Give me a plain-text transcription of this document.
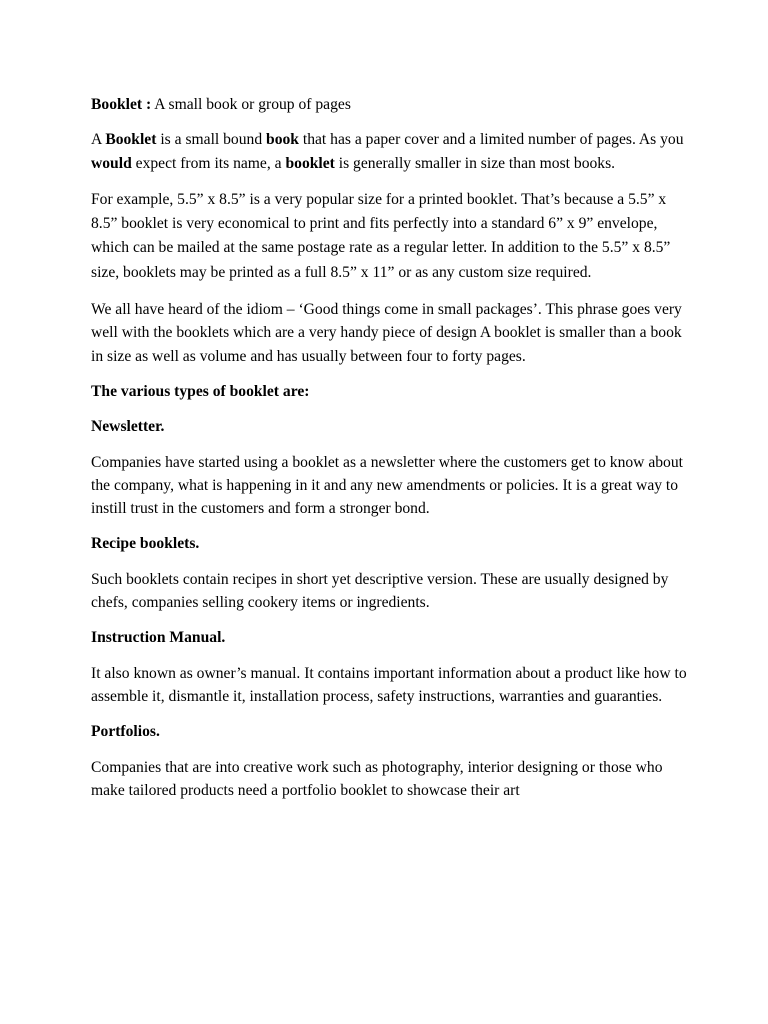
Booklet : A small book or group of pages

A Booklet is a small bound book that has a paper cover and a limited number of pages. As you would expect from its name, a booklet is generally smaller in size than most books.

For example, 5.5” x 8.5” is a very popular size for a printed booklet. That’s because a 5.5” x 8.5” booklet is very economical to print and fits perfectly into a standard 6” x 9” envelope, which can be mailed at the same postage rate as a regular letter. In addition to the 5.5” x 8.5” size, booklets may be printed as a full 8.5” x 11” or as any custom size required.

We all have heard of the idiom – ‘Good things come in small packages’. This phrase goes very well with the booklets which are a very handy piece of design A booklet is smaller than a book in size as well as volume and has usually between four to forty pages.

The various types of booklet are:

Newsletter.

Companies have started using a booklet as a newsletter where the customers get to know about the company, what is happening in it and any new amendments or policies. It is a great way to instill trust in the customers and form a stronger bond.

Recipe booklets.

Such booklets contain recipes in short yet descriptive version. These are usually designed by chefs, companies selling cookery items or ingredients.

Instruction Manual.

It also known as owner’s manual. It contains important information about a product like how to assemble it, dismantle it, installation process, safety instructions, warranties and guaranties.

Portfolios.

Companies that are into creative work such as photography, interior designing or those who make tailored products need a portfolio booklet to showcase their art
